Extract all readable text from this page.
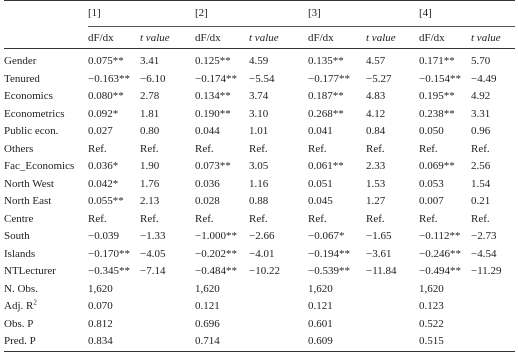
	[1]		[2]		[3]		[4]	
	dF/dx	t value	dF/dx	t value	dF/dx	t value	dF/dx	t value

Gender	0.075**	3.41	0.125**	4.59	0.135**	4.57	0.171**	5.70
Tenured	−0.163**	−6.10	−0.174**	−5.54	−0.177**	−5.27	−0.154**	−4.49
Economics	0.080**	2.78	0.134**	3.74	0.187**	4.83	0.195**	4.92
Econometrics	0.092*	1.81	0.190**	3.10	0.268**	4.12	0.238**	3.31
Public econ.	0.027	0.80	0.044	1.01	0.041	0.84	0.050	0.96
Others	Ref.	Ref.	Ref.	Ref.	Ref.	Ref.	Ref.	Ref.
Fac_Economics	0.036*	1.90	0.073**	3.05	0.061**	2.33	0.069**	2.56
North West	0.042*	1.76	0.036	1.16	0.051	1.53	0.053	1.54
North East	0.055**	2.13	0.028	0.88	0.045	1.27	0.007	0.21
Centre	Ref.	Ref.	Ref.	Ref.	Ref.	Ref.	Ref.	Ref.
South	−0.039	−1.33	−1.000**	−2.66	−0.067*	−1.65	−0.112**	−2.73
Islands	−0.170**	−4.05	−0.202**	−4.01	−0.194**	−3.61	−0.246**	−4.54
NTLecturer	−0.345**	−7.14	−0.484**	−10.22	−0.539**	−11.84	−0.494**	−11.29
N. Obs.	1,620		1,620		1,620		1,620	
Adj. $R^2$	0.070		0.121		0.121		0.123	
Obs. P	0.812		0.696		0.601		0.522	
Pred. P	0.834		0.714		0.609		0.515	
